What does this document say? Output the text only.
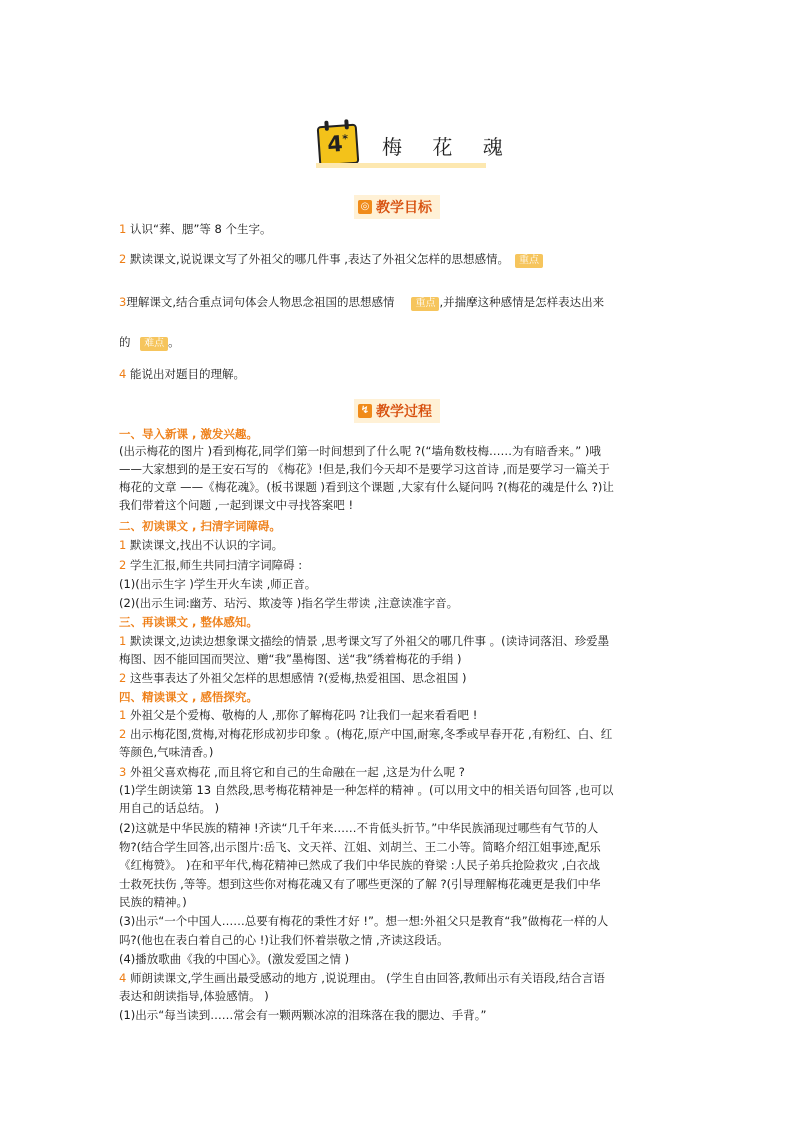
4* 梅 花 魂
◎ 教学目标
1 认识“葬、腮”等 8 个生字。
2 默读课文,说说课文写了外祖父的哪几件事 ,表达了外祖父怎样的思想感情。 重点
3理解课文,结合重点词句体会人物思念祖国的思想感情 重点 ,并揣摩这种感情是怎样表达出来
的 难点 。
4 能说出对题目的理解。
↯ 教学过程
一、导入新课 , 激发兴趣。
(出示梅花的图片 )看到梅花,同学们第一时间想到了什么呢 ?(“墙角数枝梅……为有暗香来。” )哦
——大家想到的是王安石写的 《梅花》!但是,我们今天却不是要学习这首诗 ,而是要学习一篇关于
梅花的文章 ——《梅花魂》。(板书课题 )看到这个课题 ,大家有什么疑问吗 ?(梅花的魂是什么 ?)让
我们带着这个问题 ,一起到课文中寻找答案吧 !
二、初读课文 , 扫清字词障碍。
1 默读课文,找出不认识的字词。
2 学生汇报,师生共同扫清字词障碍 :
(1)(出示生字 )学生开火车读 ,师正音。
(2)(出示生词:幽芳、玷污、欺凌等 )指名学生带读 ,注意读准字音。
三、再读课文 , 整体感知。
1 默读课文,边读边想象课文描绘的情景 ,思考课文写了外祖父的哪几件事 。(读诗词落泪、珍爱墨
梅图、因不能回国而哭泣、赠“我”墨梅图、送“我”绣着梅花的手绢 )
2 这些事表达了外祖父怎样的思想感情 ?(爱梅,热爱祖国、思念祖国 )
四、精读课文 , 感悟探究。
1 外祖父是个爱梅、敬梅的人 ,那你了解梅花吗 ?让我们一起来看看吧 !
2 出示梅花图,赏梅,对梅花形成初步印象 。(梅花,原产中国,耐寒,冬季或早春开花 ,有粉红、白、红
等颜色,气味清香。)
3 外祖父喜欢梅花 ,而且将它和自己的生命融在一起 ,这是为什么呢 ?
(1)学生朗读第 13 自然段,思考梅花精神是一种怎样的精神 。(可以用文中的相关语句回答 ,也可以
用自己的话总结。 )
(2)这就是中华民族的精神 !齐读“几千年来……不肯低头折节。”中华民族涌现过哪些有气节的人
物?(结合学生回答,出示图片:岳飞、文天祥、江姐、刘胡兰、王二小等。简略介绍江姐事迹,配乐
《红梅赞》。 )在和平年代,梅花精神已然成了我们中华民族的脊梁 :人民子弟兵抢险救灾 ,白衣战
士救死扶伤 ,等等。想到这些你对梅花魂又有了哪些更深的了解 ?(引导理解梅花魂更是我们中华
民族的精神。)
(3)出示“一个中国人……总要有梅花的秉性才好 !”。想一想:外祖父只是教育“我”做梅花一样的人
吗?(他也在表白着自己的心 !)让我们怀着崇敬之情 ,齐读这段话。
(4)播放歌曲《我的中国心》。(激发爱国之情 )
4 师朗读课文,学生画出最受感动的地方 ,说说理由。 (学生自由回答,教师出示有关语段,结合言语
表达和朗读指导,体验感情。 )
(1)出示“每当读到……常会有一颗两颗冰凉的泪珠落在我的腮边、手背。”
